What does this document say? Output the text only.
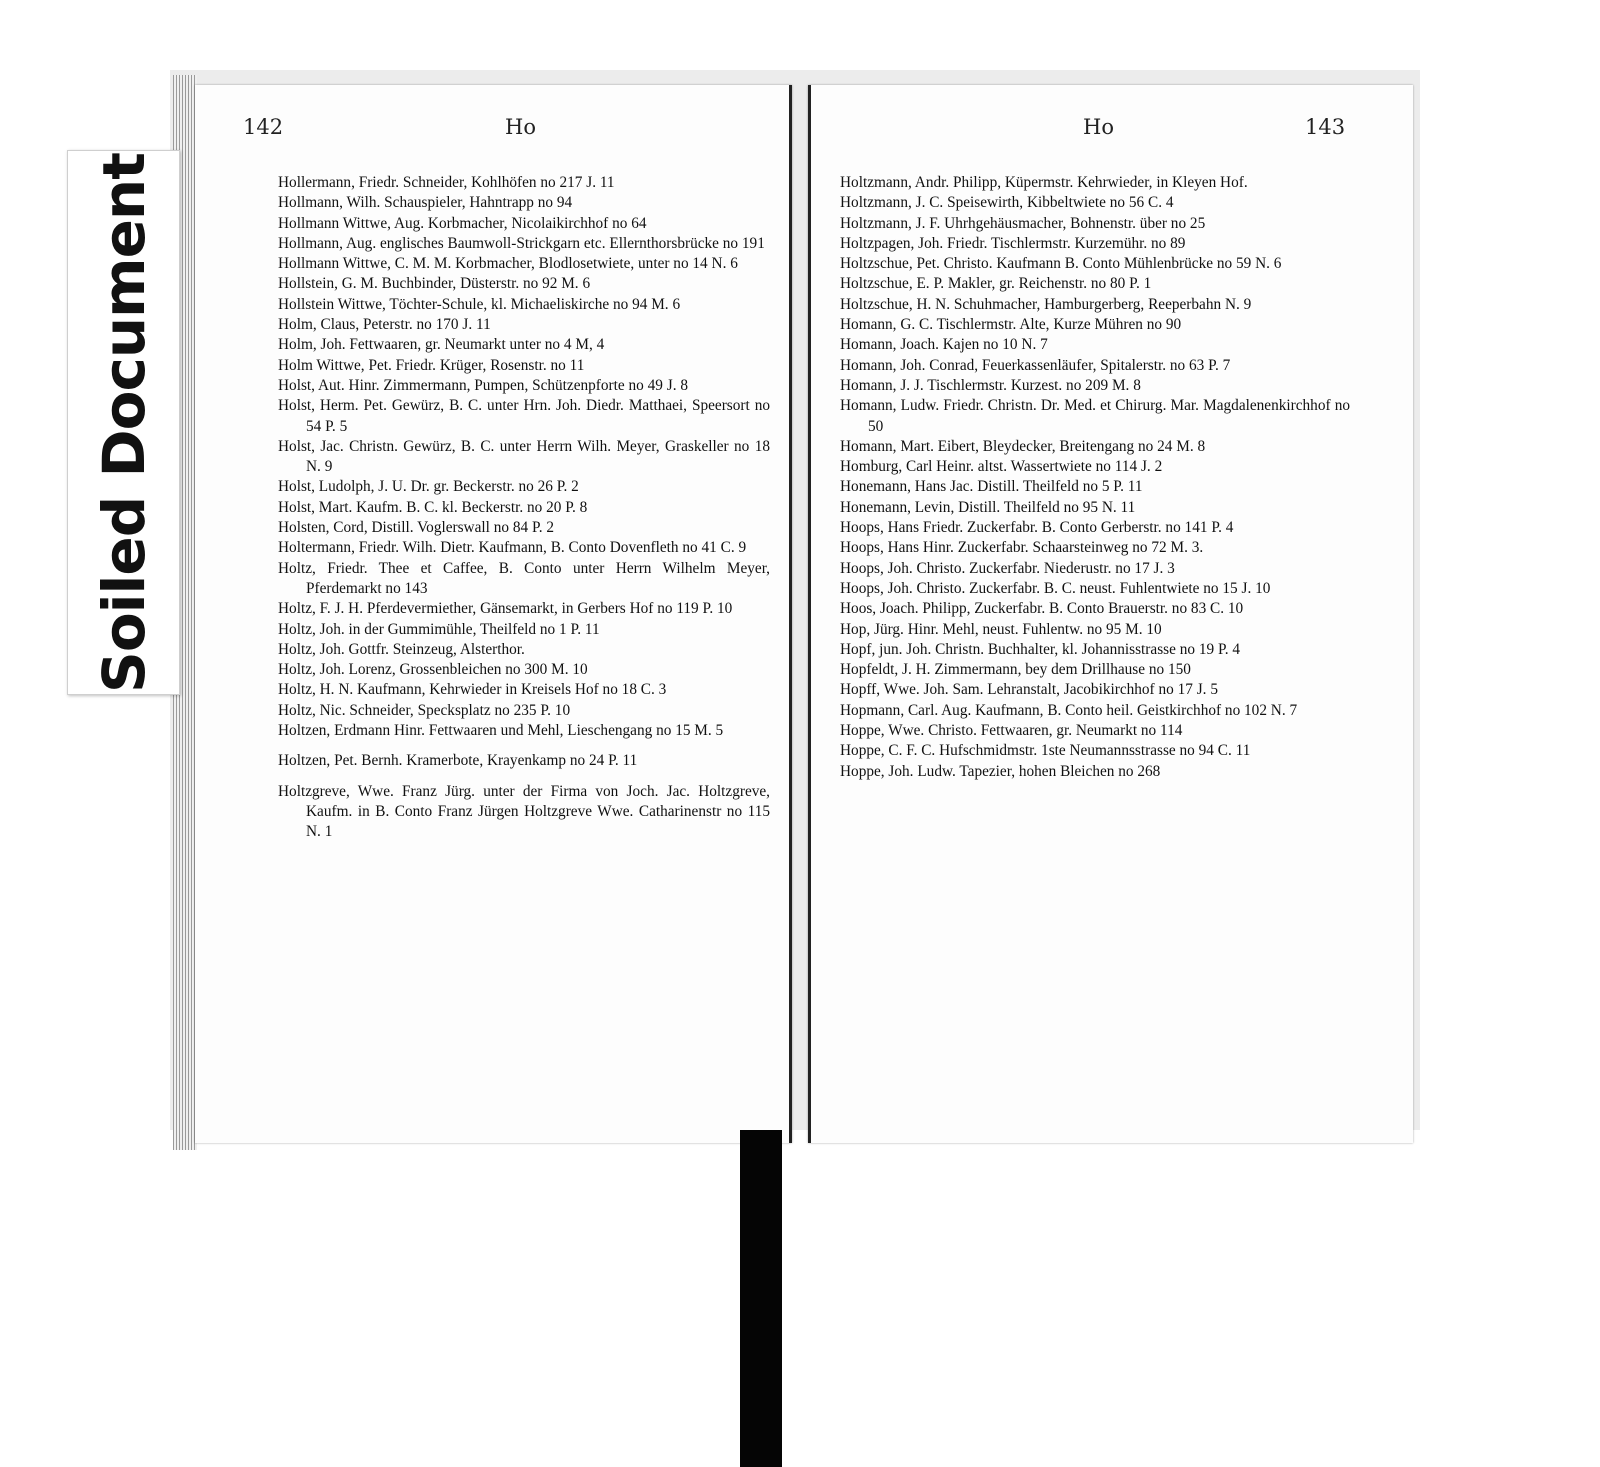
Soiled Document
142	Ho	Ho	143
Hollermann, Friedr. Schneider, Kohlhöfen no 217 J. 11
Hollmann, Wilh. Schauspieler, Hahntrapp no 94
Hollmann Wittwe, Aug. Korbmacher, Nicolaikirchhof no 64
Hollmann, Aug. englisches Baumwoll-Strickgarn etc. Ellernthorsbrücke no 191
Hollmann Wittwe, C. M. M. Korbmacher, Blodlosetwiete, unter no 14 N. 6
Hollstein, G. M. Buchbinder, Düsterstr. no 92 M. 6
Hollstein Wittwe, Töchter-Schule, kl. Michaeliskirche no 94 M. 6
Holm, Claus, Peterstr. no 170 J. 11
Holm, Joh. Fettwaaren, gr. Neumarkt unter no 4 M, 4
Holm Wittwe, Pet. Friedr. Krüger, Rosenstr. no 11
Holst, Aut. Hinr. Zimmermann, Pumpen, Schützenpforte no 49 J. 8
Holst, Herm. Pet. Gewürz, B. C. unter Hrn. Joh. Diedr. Matthaei, Speersort no 54 P. 5
Holst, Jac. Christn. Gewürz, B. C. unter Herrn Wilh. Meyer, Graskeller no 18 N. 9
Holst, Ludolph, J. U. Dr. gr. Beckerstr. no 26 P. 2
Holst, Mart. Kaufm. B. C. kl. Beckerstr. no 20 P. 8
Holsten, Cord, Distill. Voglerswall no 84 P. 2
Holtermann, Friedr. Wilh. Dietr. Kaufmann, B. Conto Dovenfleth no 41 C. 9
Holtz, Friedr. Thee et Caffee, B. Conto unter Herrn Wilhelm Meyer, Pferdemarkt no 143
Holtz, F. J. H. Pferdevermiether, Gänsemarkt, in Gerbers Hof no 119 P. 10
Holtz, Joh. in der Gummimühle, Theilfeld no 1 P. 11
Holtz, Joh. Gottfr. Steinzeug, Alsterthor.
Holtz, Joh. Lorenz, Grossenbleichen no 300 M. 10
Holtz, H. N. Kaufmann, Kehrwieder in Kreisels Hof no 18 C. 3
Holtz, Nic. Schneider, Specksplatz no 235 P. 10
Holtzen, Erdmann Hinr. Fettwaaren und Mehl, Lieschengang no 15 M. 5
Holtzen, Pet. Bernh. Kramerbote, Krayenkamp no 24 P. 11
Holtzgreve, Wwe. Franz Jürg. unter der Firma von Joch. Jac. Holtzgreve, Kaufm. in B. Conto Franz Jürgen Holtzgreve Wwe. Catharinenstr no 115 N. 1
Holtzmann, Andr. Philipp, Küpermstr. Kehrwieder, in Kleyen Hof.
Holtzmann, J. C. Speisewirth, Kibbeltwiete no 56 C. 4
Holtzmann, J. F. Uhrhgehäusmacher, Bohnenstr. über no 25
Holtzpagen, Joh. Friedr. Tischlermstr. Kurzemühr. no 89
Holtzschue, Pet. Christo. Kaufmann B. Conto Mühlenbrücke no 59 N. 6
Holtzschue, E. P. Makler, gr. Reichenstr. no 80 P. 1
Holtzschue, H. N. Schuhmacher, Hamburgerberg, Reeperbahn N. 9
Homann, G. C. Tischlermstr. Alte, Kurze Mühren no 90
Homann, Joach. Kajen no 10 N. 7
Homann, Joh. Conrad, Feuerkassenläufer, Spitalerstr. no 63 P. 7
Homann, J. J. Tischlermstr. Kurzest. no 209 M. 8
Homann, Ludw. Friedr. Christn. Dr. Med. et Chirurg. Mar. Magdalenenkirchhof no 50
Homann, Mart. Eibert, Bleydecker, Breitengang no 24 M. 8
Homburg, Carl Heinr. altst. Wassertwiete no 114 J. 2
Honemann, Hans Jac. Distill. Theilfeld no 5 P. 11
Honemann, Levin, Distill. Theilfeld no 95 N. 11
Hoops, Hans Friedr. Zuckerfabr. B. Conto Gerberstr. no 141 P. 4
Hoops, Hans Hinr. Zuckerfabr. Schaarsteinweg no 72 M. 3.
Hoops, Joh. Christo. Zuckerfabr. Niederustr. no 17 J. 3
Hoops, Joh. Christo. Zuckerfabr. B. C. neust. Fuhlentwiete no 15 J. 10
Hoos, Joach. Philipp, Zuckerfabr. B. Conto Brauerstr. no 83 C. 10
Hop, Jürg. Hinr. Mehl, neust. Fuhlentw. no 95 M. 10
Hopf, jun. Joh. Christn. Buchhalter, kl. Johannisstrasse no 19 P. 4
Hopfeldt, J. H. Zimmermann, bey dem Drillhause no 150
Hopff, Wwe. Joh. Sam. Lehranstalt, Jacobikirchhof no 17 J. 5
Hopmann, Carl. Aug. Kaufmann, B. Conto heil. Geistkirchhof no 102 N. 7
Hoppe, Wwe. Christo. Fettwaaren, gr. Neumarkt no 114
Hoppe, C. F. C. Hufschmidmstr. 1ste Neumannsstrasse no 94 C. 11
Hoppe, Joh. Ludw. Tapezier, hohen Bleichen no 268
